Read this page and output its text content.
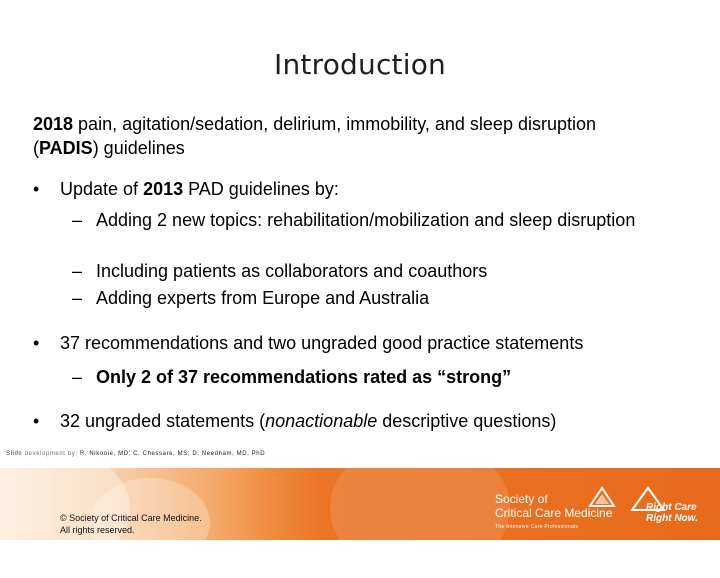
Introduction
2018 pain, agitation/sedation, delirium, immobility, and sleep disruption
(PADIS) guidelines
• Update of 2013 PAD guidelines by:
– Adding 2 new topics: rehabilitation/mobilization and sleep disruption
– Including patients as collaborators and coauthors
– Adding experts from Europe and Australia
• 37 recommendations and two ungraded good practice statements
– Only 2 of 37 recommendations rated as “strong”
• 32 ungraded statements (nonactionable descriptive questions)
Slide development by: R. Nikooie, MD; C. Chessare, MS; D. Needham, MD, PhD
© Society of Critical Care Medicine.
All rights reserved.
Society of
Critical Care Medicine
The Intensive Care Professionals
Right Care
Right Now.
